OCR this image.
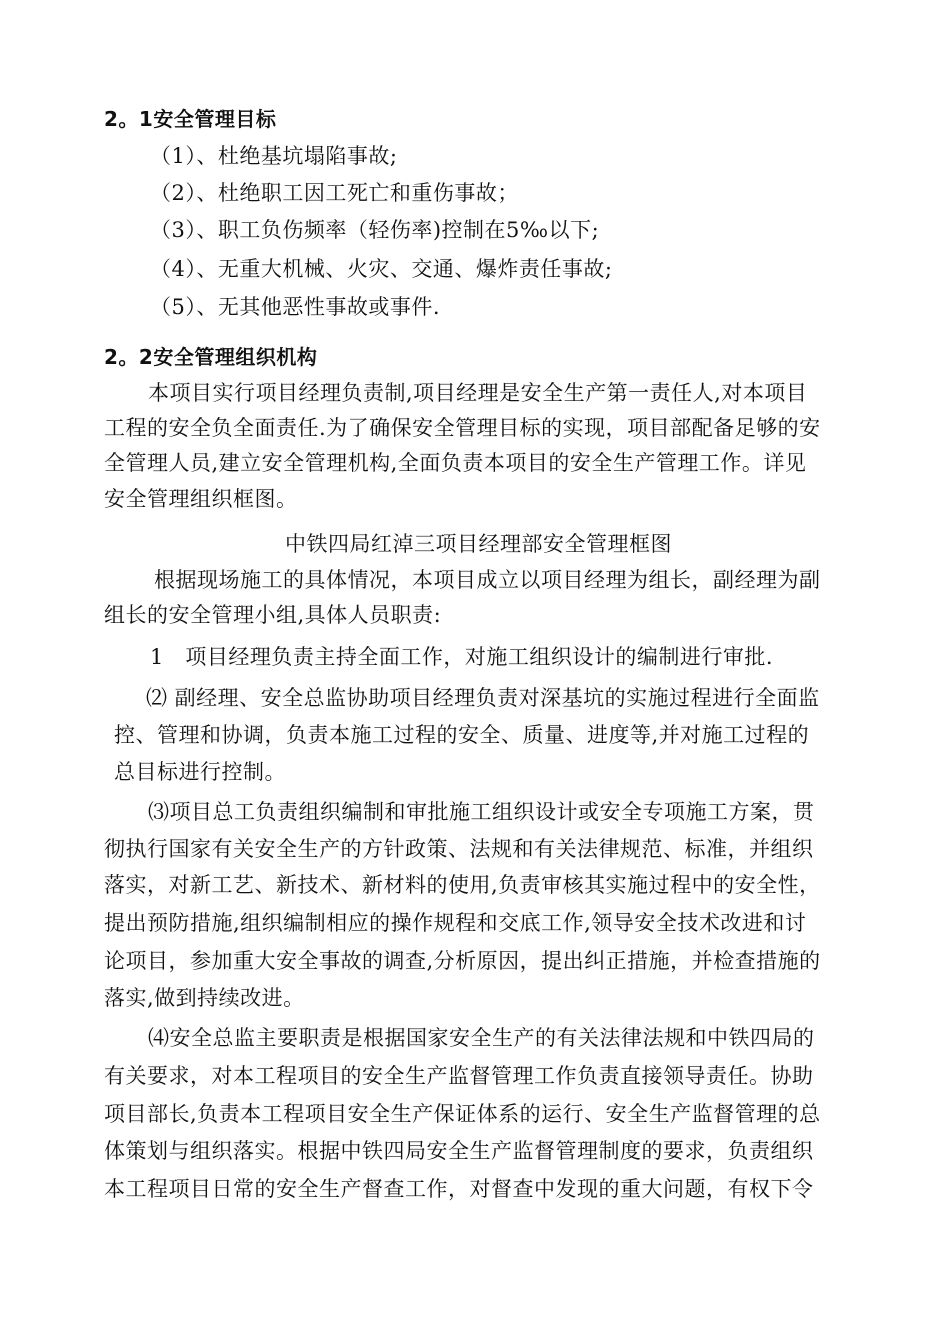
2。1安全管理目标
（1）、杜绝基坑塌陷事故;
（2）、杜绝职工因工死亡和重伤事故；
（3）、职工负伤频率（轻伤率)控制在5‰以下;
（4）、无重大机械、火灾、交通、爆炸责任事故;
（5）、无其他恶性事故或事件.
2。2安全管理组织机构
本项目实行项目经理负责制,项目经理是安全生产第一责任人,对本项目
工程的安全负全面责任.为了确保安全管理目标的实现，项目部配备足够的安
全管理人员,建立安全管理机构,全面负责本项目的安全生产管理工作。详见
安全管理组织框图。
中铁四局红淖三项目经理部安全管理框图
根据现场施工的具体情况，本项目成立以项目经理为组长，副经理为副
组长的安全管理小组,具体人员职责:
1　项目经理负责主持全面工作，对施工组织设计的编制进行审批.
⑵ 副经理、安全总监协助项目经理负责对深基坑的实施过程进行全面监
控、管理和协调，负责本施工过程的安全、质量、进度等,并对施工过程的
总目标进行控制。
⑶项目总工负责组织编制和审批施工组织设计或安全专项施工方案，贯
彻执行国家有关安全生产的方针政策、法规和有关法律规范、标准，并组织
落实，对新工艺、新技术、新材料的使用,负责审核其实施过程中的安全性，
提出预防措施,组织编制相应的操作规程和交底工作,领导安全技术改进和讨
论项目，参加重大安全事故的调查,分析原因，提出纠正措施，并检查措施的
落实,做到持续改进。
⑷安全总监主要职责是根据国家安全生产的有关法律法规和中铁四局的
有关要求，对本工程项目的安全生产监督管理工作负责直接领导责任。协助
项目部长,负责本工程项目安全生产保证体系的运行、安全生产监督管理的总
体策划与组织落实。根据中铁四局安全生产监督管理制度的要求，负责组织
本工程项目日常的安全生产督查工作，对督查中发现的重大问题，有权下令
